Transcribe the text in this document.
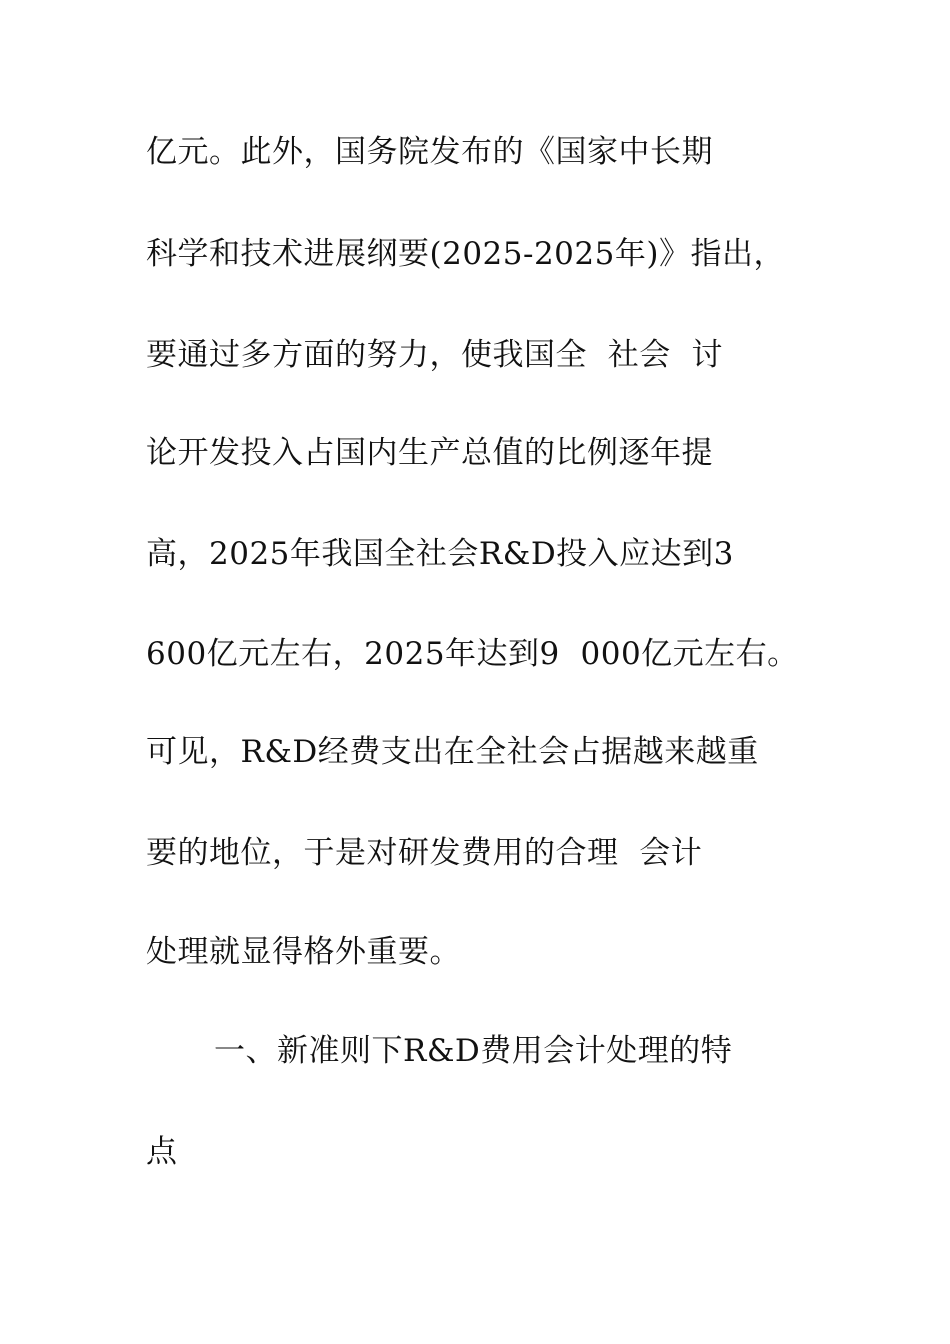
亿元。此外，国务院发布的《国家中长期
科学和技术进展纲要(2025-2025年)》指出，
要通过多方面的努力，使我国全  社会  讨
论开发投入占国内生产总值的比例逐年提
高，2025年我国全社会R&D投入应达到3
600亿元左右，2025年达到9  000亿元左右。
可见，R&D经费支出在全社会占据越来越重
要的地位，于是对研发费用的合理  会计
处理就显得格外重要。
一、新准则下R&D费用会计处理的特
点
